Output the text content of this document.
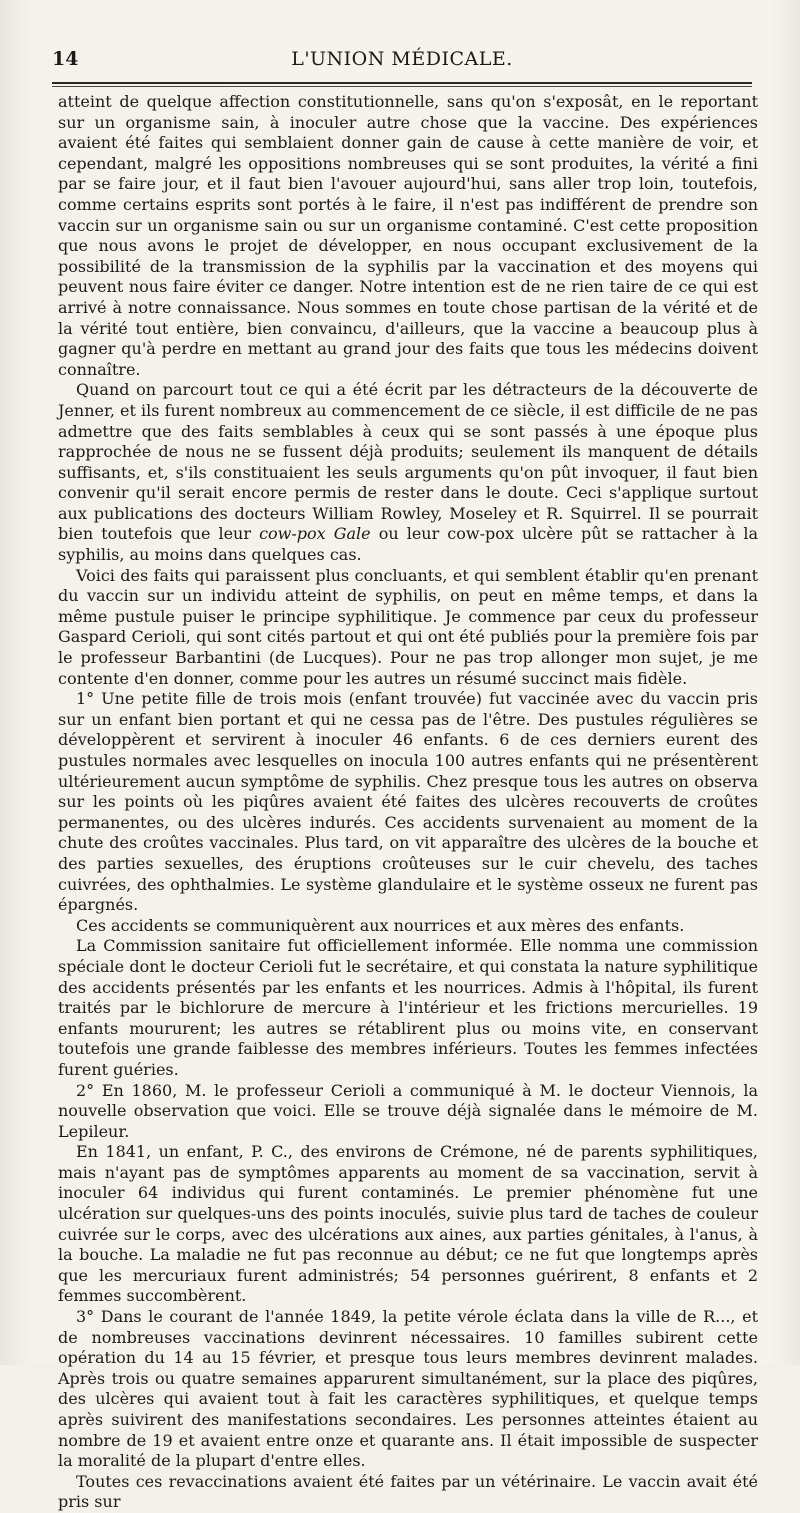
14	L'UNION MÉDICALE.

atteint de quelque affection constitutionnelle, sans qu'on s'exposât, en le reportant sur un organisme sain, à inoculer autre chose que la vaccine. Des expériences avaient été faites qui semblaient donner gain de cause à cette manière de voir, et cependant, malgré les oppositions nombreuses qui se sont produites, la vérité a fini par se faire jour, et il faut bien l'avouer aujourd'hui, sans aller trop loin, toutefois, comme certains esprits sont portés à le faire, il n'est pas indifférent de prendre son vaccin sur un organisme sain ou sur un organisme contaminé. C'est cette proposition que nous avons le projet de développer, en nous occupant exclusivement de la possibilité de la transmission de la syphilis par la vaccination et des moyens qui peuvent nous faire éviter ce danger. Notre intention est de ne rien taire de ce qui est arrivé à notre connaissance. Nous sommes en toute chose partisan de la vérité et de la vérité tout entière, bien convaincu, d'ailleurs, que la vaccine a beaucoup plus à gagner qu'à perdre en mettant au grand jour des faits que tous les médecins doivent connaître.

Quand on parcourt tout ce qui a été écrit par les détracteurs de la découverte de Jenner, et ils furent nombreux au commencement de ce siècle, il est difficile de ne pas admettre que des faits semblables à ceux qui se sont passés à une époque plus rapprochée de nous ne se fussent déjà produits; seulement ils manquent de détails suffisants, et, s'ils constituaient les seuls arguments qu'on pût invoquer, il faut bien convenir qu'il serait encore permis de rester dans le doute. Ceci s'applique surtout aux publications des docteurs William Rowley, Moseley et R. Squirrel. Il se pourrait bien toutefois que leur cow-pox Gale ou leur cow-pox ulcère pût se rattacher à la syphilis, au moins dans quelques cas.

Voici des faits qui paraissent plus concluants, et qui semblent établir qu'en prenant du vaccin sur un individu atteint de syphilis, on peut en même temps, et dans la même pustule puiser le principe syphilitique. Je commence par ceux du professeur Gaspard Cerioli, qui sont cités partout et qui ont été publiés pour la première fois par le professeur Barbantini (de Lucques). Pour ne pas trop allonger mon sujet, je me contente d'en donner, comme pour les autres un résumé succinct mais fidèle.

1° Une petite fille de trois mois (enfant trouvée) fut vaccinée avec du vaccin pris sur un enfant bien portant et qui ne cessa pas de l'être. Des pustules régulières se développèrent et servirent à inoculer 46 enfants. 6 de ces derniers eurent des pustules normales avec lesquelles on inocula 100 autres enfants qui ne présentèrent ultérieurement aucun symptôme de syphilis. Chez presque tous les autres on observa sur les points où les piqûres avaient été faites des ulcères recouverts de croûtes permanentes, ou des ulcères indurés. Ces accidents survenaient au moment de la chute des croûtes vaccinales. Plus tard, on vit apparaître des ulcères de la bouche et des parties sexuelles, des éruptions croûteuses sur le cuir chevelu, des taches cuivrées, des ophthalmies. Le système glandulaire et le système osseux ne furent pas épargnés.

Ces accidents se communiquèrent aux nourrices et aux mères des enfants.

La Commission sanitaire fut officiellement informée. Elle nomma une commission spéciale dont le docteur Cerioli fut le secrétaire, et qui constata la nature syphilitique des accidents présentés par les enfants et les nourrices. Admis à l'hôpital, ils furent traités par le bichlorure de mercure à l'intérieur et les frictions mercurielles. 19 enfants moururent; les autres se rétablirent plus ou moins vite, en conservant toutefois une grande faiblesse des membres inférieurs. Toutes les femmes infectées furent guéries.

2° En 1860, M. le professeur Cerioli a communiqué à M. le docteur Viennois, la nouvelle observation que voici. Elle se trouve déjà signalée dans le mémoire de M. Lepileur.

En 1841, un enfant, P. C., des environs de Crémone, né de parents syphilitiques, mais n'ayant pas de symptômes apparents au moment de sa vaccination, servit à inoculer 64 individus qui furent contaminés. Le premier phénomène fut une ulcération sur quelques-uns des points inoculés, suivie plus tard de taches de couleur cuivrée sur le corps, avec des ulcérations aux aines, aux parties génitales, à l'anus, à la bouche. La maladie ne fut pas reconnue au début; ce ne fut que longtemps après que les mercuriaux furent administrés; 54 personnes guérirent, 8 enfants et 2 femmes succombèrent.

3° Dans le courant de l'année 1849, la petite vérole éclata dans la ville de R..., et de nombreuses vaccinations devinrent nécessaires. 10 familles subirent cette opération du 14 au 15 février, et presque tous leurs membres devinrent malades. Après trois ou quatre semaines apparurent simultanément, sur la place des piqûres, des ulcères qui avaient tout à fait les caractères syphilitiques, et quelque temps après suivirent des manifestations secondaires. Les personnes atteintes étaient au nombre de 19 et avaient entre onze et quarante ans. Il était impossible de suspecter la moralité de la plupart d'entre elles.

Toutes ces revaccinations avaient été faites par un vétérinaire. Le vaccin avait été pris sur
